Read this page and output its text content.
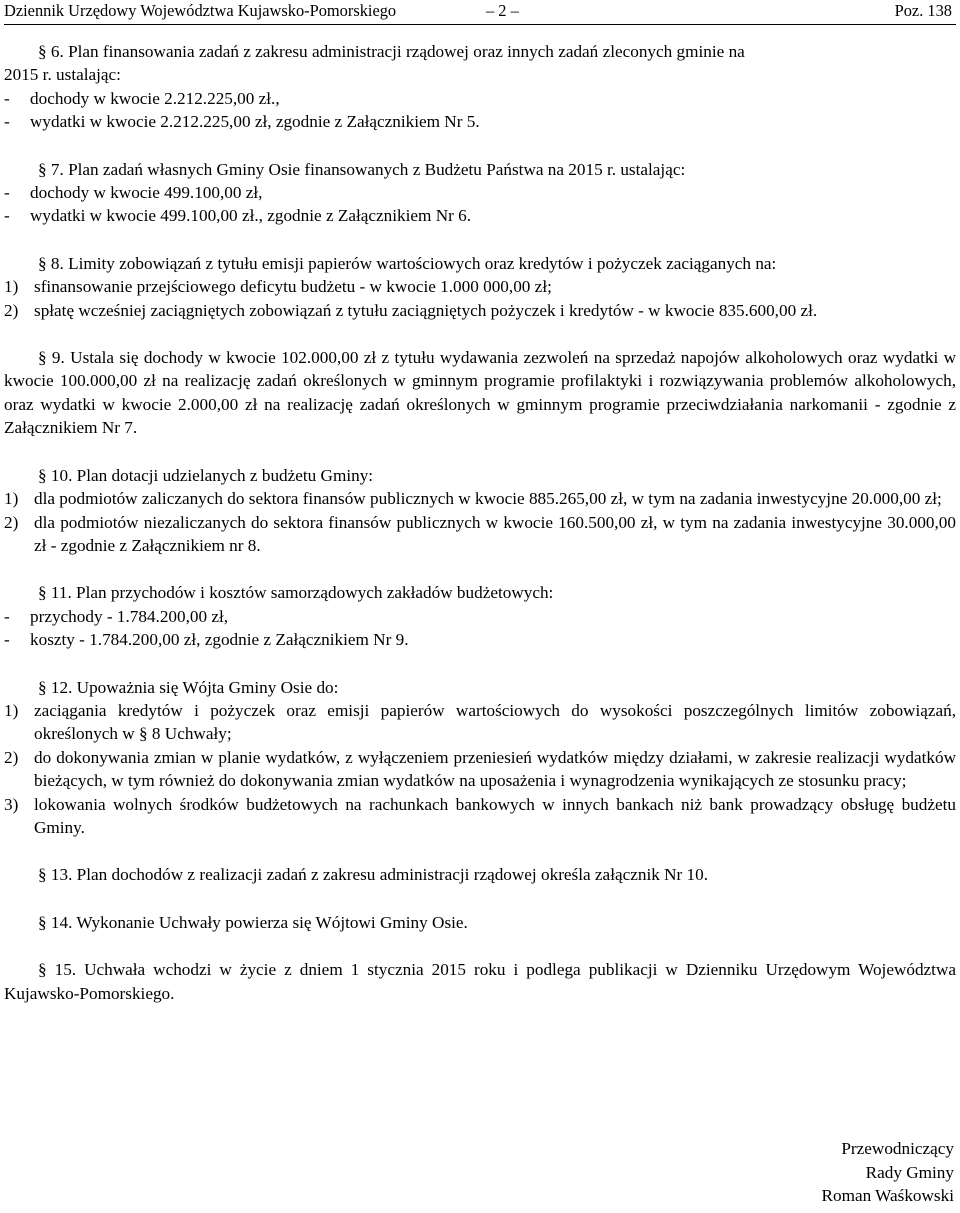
Dziennik Urzędowy Województwa Kujawsko-Pomorskiego	– 2 –	Poz. 138
§ 6. Plan finansowania zadań z zakresu administracji rządowej oraz innych zadań zleconych gminie na
2015 r. ustalając:
- dochody w kwocie 2.212.225,00 zł.,
- wydatki w kwocie 2.212.225,00 zł, zgodnie z Załącznikiem Nr 5.
§ 7. Plan zadań własnych Gminy Osie finansowanych z Budżetu Państwa na 2015 r. ustalając:
- dochody w kwocie 499.100,00 zł,
- wydatki w kwocie 499.100,00 zł., zgodnie z Załącznikiem Nr 6.
§ 8. Limity zobowiązań z tytułu emisji papierów wartościowych oraz kredytów i pożyczek zaciąganych na:
1) sfinansowanie przejściowego deficytu budżetu - w kwocie 1.000 000,00 zł;
2) spłatę wcześniej zaciągniętych zobowiązań z tytułu zaciągniętych pożyczek i kredytów - w kwocie 835.600,00 zł.
§ 9. Ustala się dochody w kwocie 102.000,00 zł z tytułu wydawania zezwoleń na sprzedaż napojów alkoholowych oraz wydatki w kwocie 100.000,00 zł na realizację zadań określonych w gminnym programie profilaktyki i rozwiązywania problemów alkoholowych, oraz wydatki w kwocie 2.000,00 zł na realizację zadań określonych w gminnym programie przeciwdziałania narkomanii - zgodnie z Załącznikiem Nr 7.
§ 10. Plan dotacji udzielanych z budżetu Gminy:
1) dla podmiotów zaliczanych do sektora finansów publicznych w kwocie 885.265,00 zł, w tym na zadania inwestycyjne 20.000,00 zł;
2) dla podmiotów niezaliczanych do sektora finansów publicznych w kwocie 160.500,00 zł, w tym na zadania inwestycyjne 30.000,00 zł - zgodnie z Załącznikiem nr 8.
§ 11. Plan przychodów i kosztów samorządowych zakładów budżetowych:
- przychody - 1.784.200,00 zł,
- koszty - 1.784.200,00 zł, zgodnie z Załącznikiem Nr 9.
§ 12. Upoważnia się Wójta Gminy Osie do:
1) zaciągania kredytów i pożyczek oraz emisji papierów wartościowych do wysokości poszczególnych limitów zobowiązań, określonych w § 8 Uchwały;
2) do dokonywania zmian w planie wydatków, z wyłączeniem przeniesień wydatków między działami, w zakresie realizacji wydatków bieżących, w tym również do dokonywania zmian wydatków na uposażenia i wynagrodzenia wynikających ze stosunku pracy;
3) lokowania wolnych środków budżetowych na rachunkach bankowych w innych bankach niż bank prowadzący obsługę budżetu Gminy.
§ 13. Plan dochodów z realizacji zadań z zakresu administracji rządowej określa załącznik Nr 10.
§ 14. Wykonanie Uchwały powierza się Wójtowi Gminy Osie.
§ 15. Uchwała wchodzi w życie z dniem 1 stycznia 2015 roku i podlega publikacji w Dzienniku Urzędowym Województwa Kujawsko-Pomorskiego.
Przewodniczący
Rady Gminy
Roman Waśkowski
